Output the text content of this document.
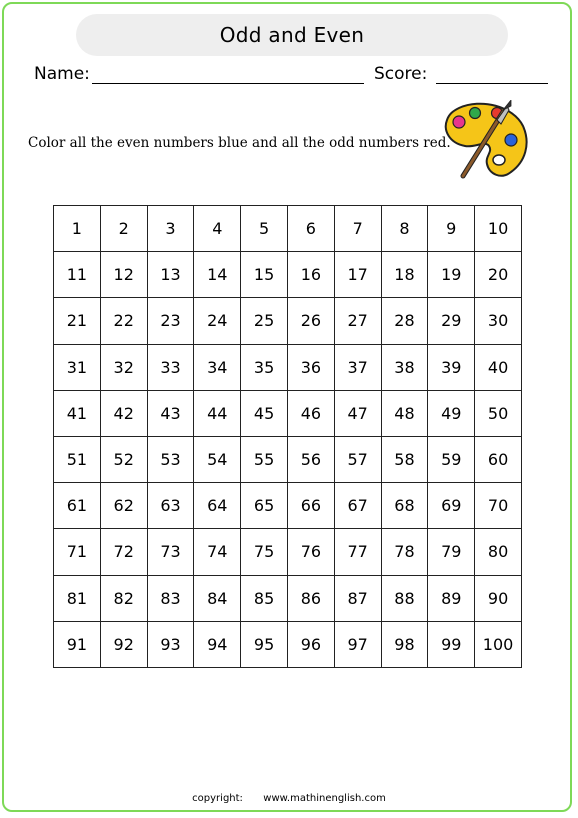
Odd and Even
Name:	Score:
Color all the even numbers blue and all the odd numbers red.
1	2	3	4	5	6	7	8	9	10
11	12	13	14	15	16	17	18	19	20
21	22	23	24	25	26	27	28	29	30
31	32	33	34	35	36	37	38	39	40
41	42	43	44	45	46	47	48	49	50
51	52	53	54	55	56	57	58	59	60
61	62	63	64	65	66	67	68	69	70
71	72	73	74	75	76	77	78	79	80
81	82	83	84	85	86	87	88	89	90
91	92	93	94	95	96	97	98	99	100
copyright: www.mathinenglish.com
